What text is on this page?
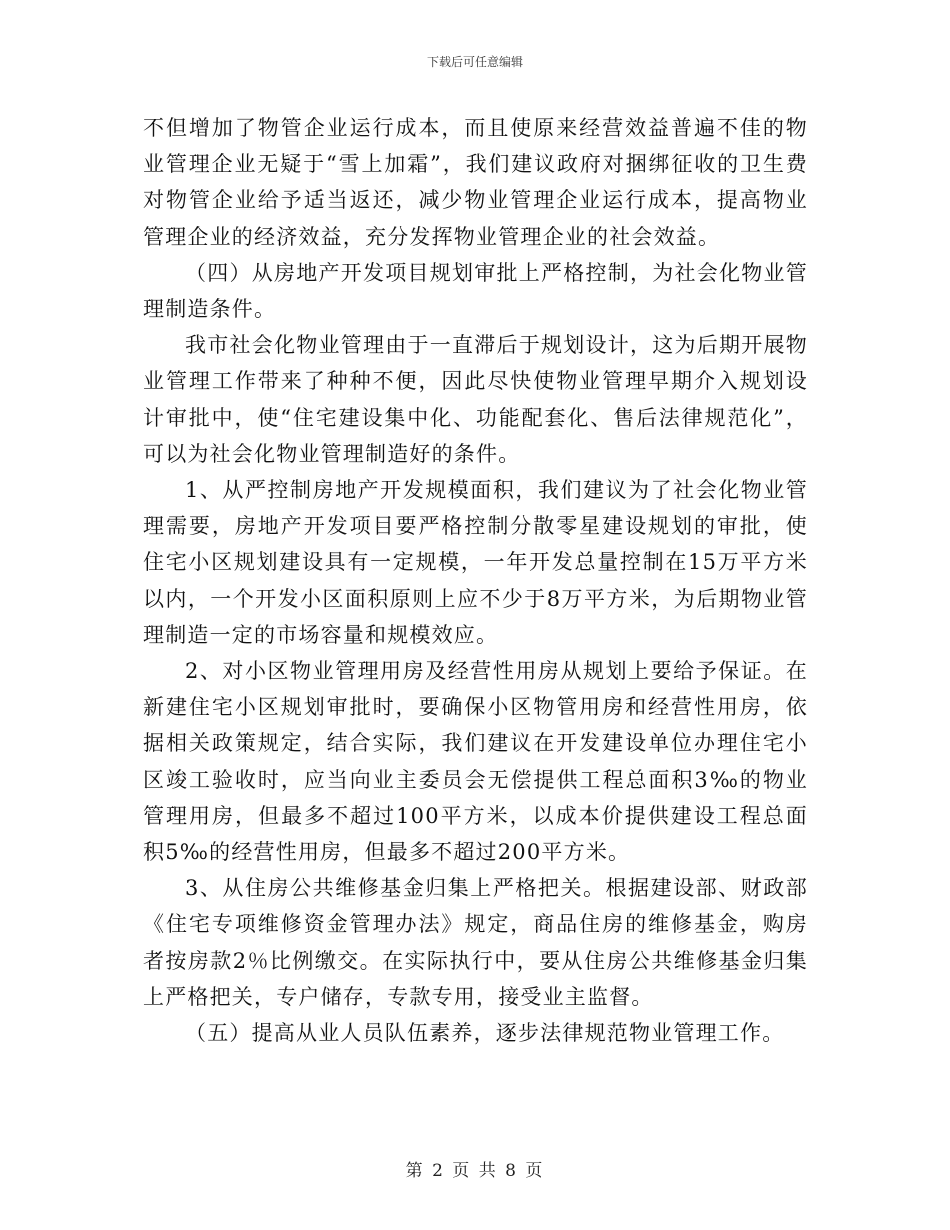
下载后可任意编辑

不但增加了物管企业运行成本，而且使原来经营效益普遍不佳的物业管理企业无疑于“雪上加霜”，我们建议政府对捆绑征收的卫生费对物管企业给予适当返还，减少物业管理企业运行成本，提高物业管理企业的经济效益，充分发挥物业管理企业的社会效益。

（四）从房地产开发项目规划审批上严格控制，为社会化物业管理制造条件。

我市社会化物业管理由于一直滞后于规划设计，这为后期开展物业管理工作带来了种种不便，因此尽快使物业管理早期介入规划设计审批中，使“住宅建设集中化、功能配套化、售后法律规范化”，可以为社会化物业管理制造好的条件。

1、从严控制房地产开发规模面积，我们建议为了社会化物业管理需要，房地产开发项目要严格控制分散零星建设规划的审批，使住宅小区规划建设具有一定规模，一年开发总量控制在15万平方米以内，一个开发小区面积原则上应不少于8万平方米，为后期物业管理制造一定的市场容量和规模效应。

2、对小区物业管理用房及经营性用房从规划上要给予保证。在新建住宅小区规划审批时，要确保小区物管用房和经营性用房，依据相关政策规定，结合实际，我们建议在开发建设单位办理住宅小区竣工验收时，应当向业主委员会无偿提供工程总面积3‰的物业管理用房，但最多不超过100平方米，以成本价提供建设工程总面积5‰的经营性用房，但最多不超过200平方米。

3、从住房公共维修基金归集上严格把关。根据建设部、财政部《住宅专项维修资金管理办法》规定，商品住房的维修基金，购房者按房款2％比例缴交。在实际执行中，要从住房公共维修基金归集上严格把关，专户储存，专款专用，接受业主监督。

（五）提高从业人员队伍素养，逐步法律规范物业管理工作。

第 2 页 共 8 页
